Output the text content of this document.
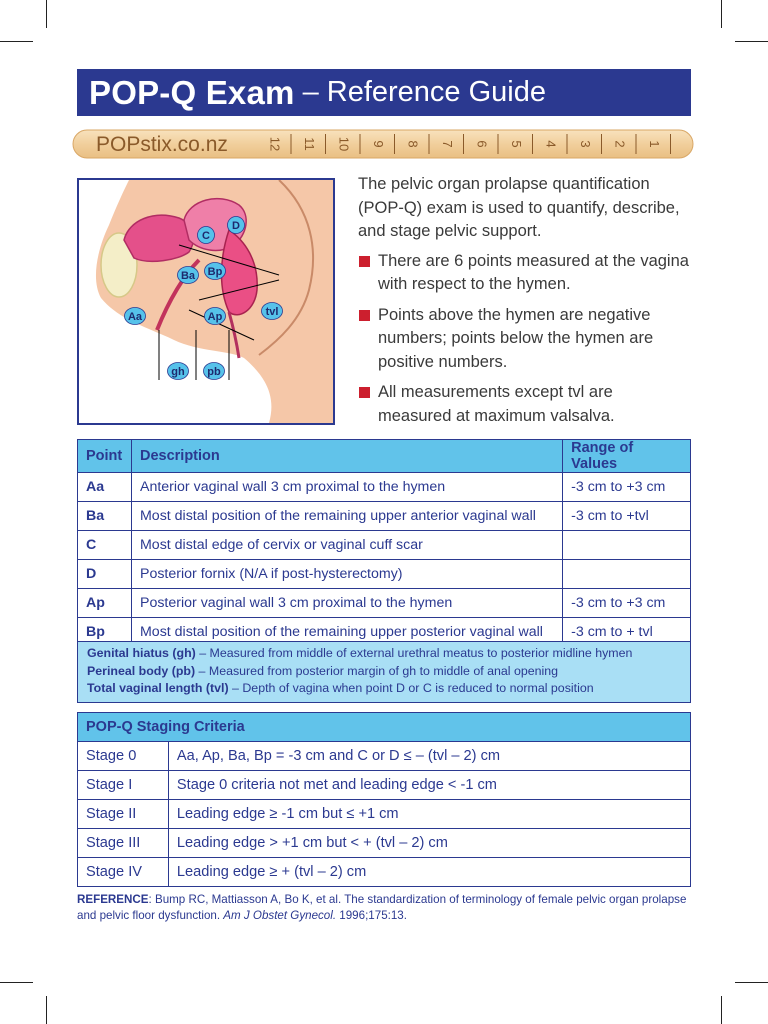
POP-Q Exam – Reference Guide
POPstix.co.nz	12 11 10 9 8 7 6 5 4 3 2 1
C
D
Ba Bp
Aa	Ap	tvl
gh pb

The pelvic organ prolapse quantification (POP-Q) exam is used to quantify, describe, and stage pelvic support.

There are 6 points measured at the vagina with respect to the hymen.
Points above the hymen are negative numbers; points below the hymen are positive numbers.
All measurements except tvl are measured at maximum valsalva.
Point	Description	Range of Values
Aa	Anterior vaginal wall 3 cm proximal to the hymen	-3 cm to +3 cm
Ba	Most distal position of the remaining upper anterior vaginal wall	-3 cm to +tvl
C	Most distal edge of cervix or vaginal cuff scar	
D	Posterior fornix (N/A if post-hysterectomy)	
Ap	Posterior vaginal wall 3 cm proximal to the hymen	-3 cm to +3 cm
Bp	Most distal position of the remaining upper posterior vaginal wall	-3 cm to + tvl
Genital hiatus (gh) – Measured from middle of external urethral meatus to posterior midline hymen
Perineal body (pb) – Measured from posterior margin of gh to middle of anal opening
Total vaginal length (tvl) – Depth of vagina when point D or C is reduced to normal position
POP-Q Staging Criteria	
Stage 0	Aa, Ap, Ba, Bp = -3 cm and C or D ≤ – (tvl – 2) cm
Stage I	Stage 0 criteria not met and leading edge < -1 cm
Stage II	Leading edge ≥ -1 cm but ≤ +1 cm
Stage III	Leading edge > +1 cm but < + (tvl – 2) cm
Stage IV	Leading edge ≥ + (tvl – 2) cm
REFERENCE: Bump RC, Mattiasson A, Bo K, et al. The standardization of terminology of female pelvic organ prolapse and pelvic floor dysfunction. Am J Obstet Gynecol. 1996;175:13.
